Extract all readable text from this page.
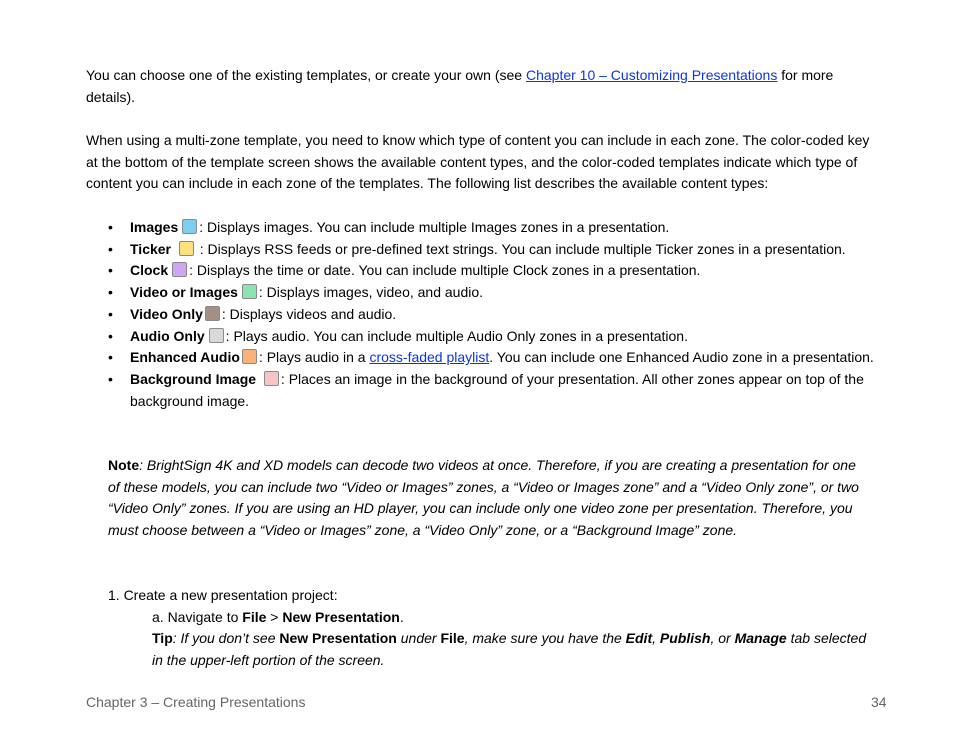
You can choose one of the existing templates, or create your own (see Chapter 10 – Customizing Presentations for more details).

When using a multi-zone template, you need to know which type of content you can include in each zone. The color-coded key at the bottom of the template screen shows the available content types, and the color-coded templates indicate which type of content you can include in each zone of the templates. The following list describes the available content types:

• Images : Displays images. You can include multiple Images zones in a presentation.
• Ticker : Displays RSS feeds or pre-defined text strings. You can include multiple Ticker zones in a presentation.
• Clock : Displays the time or date. You can include multiple Clock zones in a presentation.
• Video or Images : Displays images, video, and audio.
• Video Only : Displays videos and audio.
• Audio Only : Plays audio. You can include multiple Audio Only zones in a presentation.
• Enhanced Audio : Plays audio in a cross-faded playlist. You can include one Enhanced Audio zone in a presentation.
• Background Image : Places an image in the background of your presentation. All other zones appear on top of the background image.

Note: BrightSign 4K and XD models can decode two videos at once. Therefore, if you are creating a presentation for one of these models, you can include two “Video or Images” zones, a “Video or Images zone” and a “Video Only zone”, or two “Video Only” zones. If you are using an HD player, you can include only one video zone per presentation. Therefore, you must choose between a “Video or Images” zone, a “Video Only” zone, or a “Background Image” zone.

1. Create a new presentation project:

a. Navigate to File > New Presentation.

Tip: If you don’t see New Presentation under File, make sure you have the Edit, Publish, or Manage tab selected in the upper-left portion of the screen.

Chapter 3 – Creating Presentations	34
